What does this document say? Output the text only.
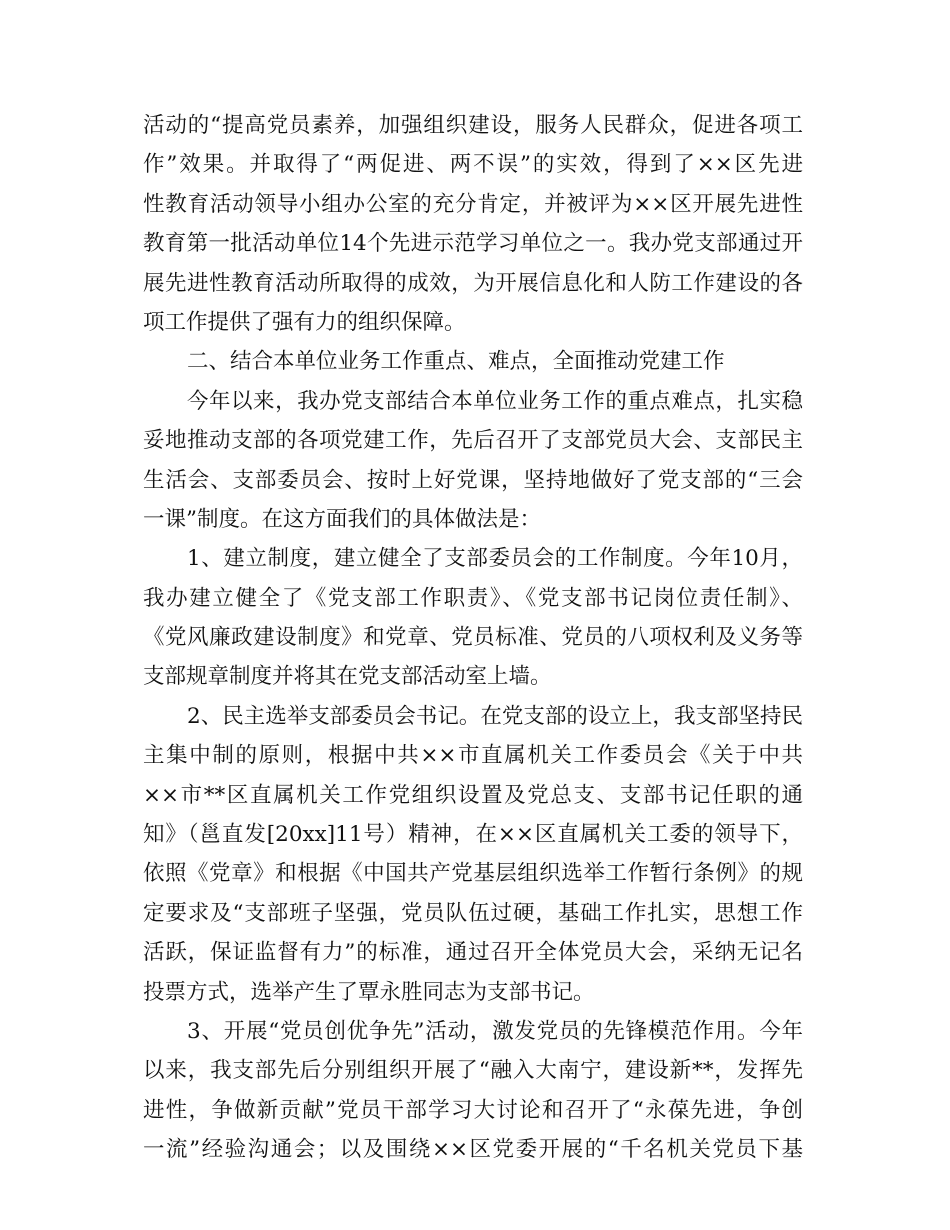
活动的“提高党员素养，加强组织建设，服务人民群众，促进各项工
作”效果。并取得了“两促进、两不误”的实效，得到了××区先进
性教育活动领导小组办公室的充分肯定，并被评为××区开展先进性
教育第一批活动单位14个先进示范学习单位之一。我办党支部通过开
展先进性教育活动所取得的成效，为开展信息化和人防工作建设的各
项工作提供了强有力的组织保障。
二、结合本单位业务工作重点、难点，全面推动党建工作
今年以来，我办党支部结合本单位业务工作的重点难点，扎实稳
妥地推动支部的各项党建工作，先后召开了支部党员大会、支部民主
生活会、支部委员会、按时上好党课，坚持地做好了党支部的“三会
一课”制度。在这方面我们的具体做法是：
1、建立制度，建立健全了支部委员会的工作制度。今年10月，
我办建立健全了《党支部工作职责》、《党支部书记岗位责任制》、
《党风廉政建设制度》和党章、党员标准、党员的八项权利及义务等
支部规章制度并将其在党支部活动室上墙。
2、民主选举支部委员会书记。在党支部的设立上，我支部坚持民
主集中制的原则，根据中共××市直属机关工作委员会《关于中共
××市**区直属机关工作党组织设置及党总支、支部书记任职的通
知》（邕直发[20xx]11号）精神，在××区直属机关工委的领导下，
依照《党章》和根据《中国共产党基层组织选举工作暂行条例》的规
定要求及“支部班子坚强，党员队伍过硬，基础工作扎实，思想工作
活跃，保证监督有力”的标准，通过召开全体党员大会，采纳无记名
投票方式，选举产生了覃永胜同志为支部书记。
3、开展“党员创优争先”活动，激发党员的先锋模范作用。今年
以来，我支部先后分别组织开展了“融入大南宁，建设新**，发挥先
进性，争做新贡献”党员干部学习大讨论和召开了“永葆先进，争创
一流”经验沟通会；以及围绕××区党委开展的“千名机关党员下基
